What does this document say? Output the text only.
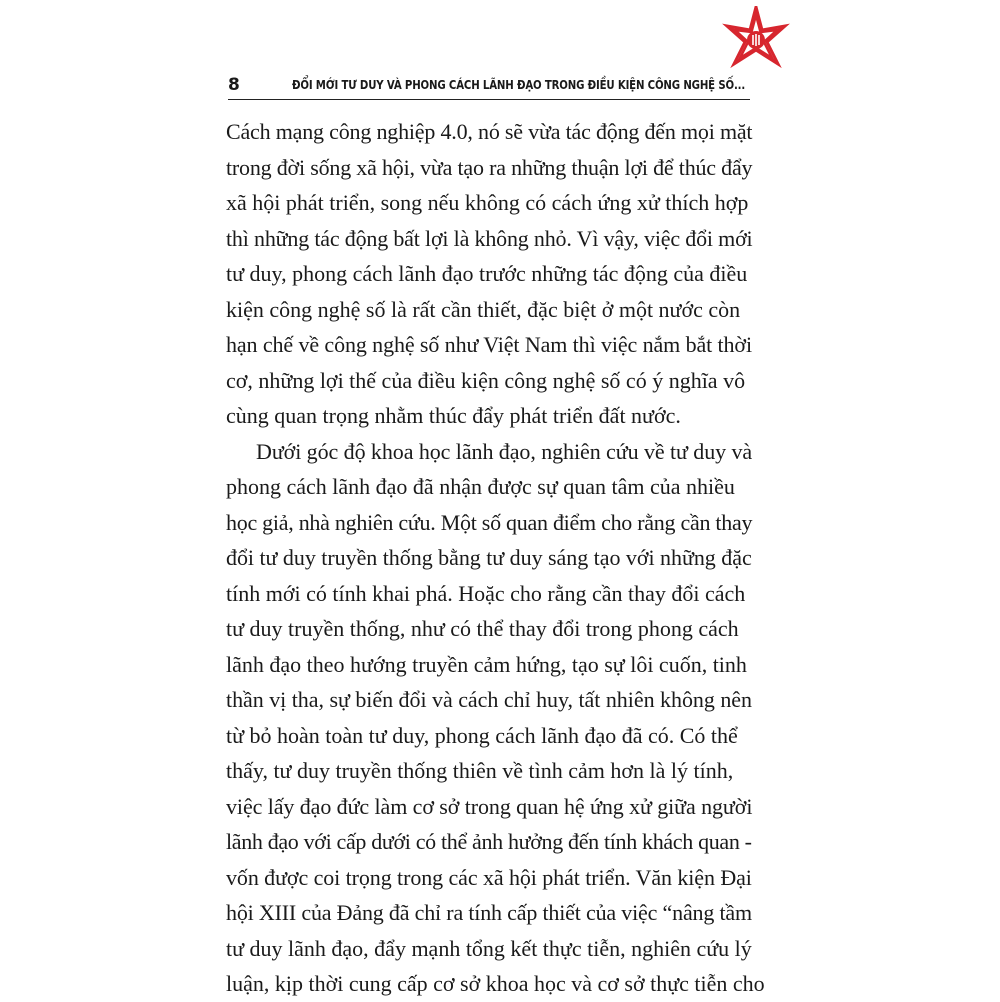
8	ĐỔI MỚI TƯ DUY VÀ PHONG CÁCH LÃNH ĐẠO TRONG ĐIỀU KIỆN CÔNG NGHỆ SỐ...
Cách mạng công nghiệp 4.0, nó sẽ vừa tác động đến mọi mặt
trong đời sống xã hội, vừa tạo ra những thuận lợi để thúc đẩy
xã hội phát triển, song nếu không có cách ứng xử thích hợp
thì những tác động bất lợi là không nhỏ. Vì vậy, việc đổi mới
tư duy, phong cách lãnh đạo trước những tác động của điều
kiện công nghệ số là rất cần thiết, đặc biệt ở một nước còn
hạn chế về công nghệ số như Việt Nam thì việc nắm bắt thời
cơ, những lợi thế của điều kiện công nghệ số có ý nghĩa vô
cùng quan trọng nhằm thúc đẩy phát triển đất nước.
Dưới góc độ khoa học lãnh đạo, nghiên cứu về tư duy và
phong cách lãnh đạo đã nhận được sự quan tâm của nhiều
học giả, nhà nghiên cứu. Một số quan điểm cho rằng cần thay
đổi tư duy truyền thống bằng tư duy sáng tạo với những đặc
tính mới có tính khai phá. Hoặc cho rằng cần thay đổi cách
tư duy truyền thống, như có thể thay đổi trong phong cách
lãnh đạo theo hướng truyền cảm hứng, tạo sự lôi cuốn, tinh
thần vị tha, sự biến đổi và cách chỉ huy, tất nhiên không nên
từ bỏ hoàn toàn tư duy, phong cách lãnh đạo đã có. Có thể
thấy, tư duy truyền thống thiên về tình cảm hơn là lý tính,
việc lấy đạo đức làm cơ sở trong quan hệ ứng xử giữa người
lãnh đạo với cấp dưới có thể ảnh hưởng đến tính khách quan -
vốn được coi trọng trong các xã hội phát triển. Văn kiện Đại
hội XIII của Đảng đã chỉ ra tính cấp thiết của việc “nâng tầm
tư duy lãnh đạo, đẩy mạnh tổng kết thực tiễn, nghiên cứu lý
luận, kịp thời cung cấp cơ sở khoa học và cơ sở thực tiễn cho
